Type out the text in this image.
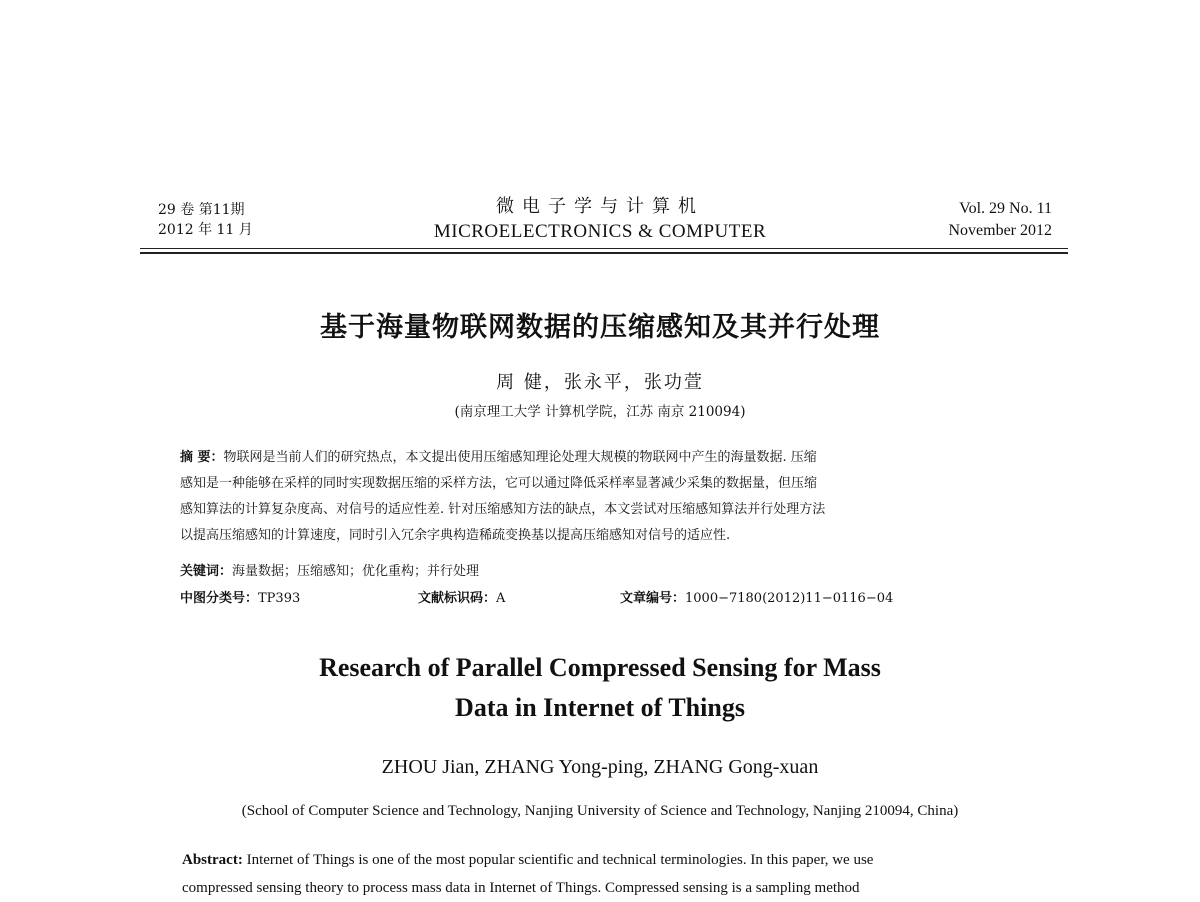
29 卷 第11期
2012 年 11 月
微电子学与计算机
MICROELECTRONICS & COMPUTER
Vol. 29 No. 11
November 2012
基于海量物联网数据的压缩感知及其并行处理
周 健，张永平，张功萱
(南京理工大学 计算机学院，江苏 南京 210094)
摘 要：物联网是当前人们的研究热点，本文提出使用压缩感知理论处理大规模的物联网中产生的海量数据. 压缩
感知是一种能够在采样的同时实现数据压缩的采样方法，它可以通过降低采样率显著减少采集的数据量，但压缩
感知算法的计算复杂度高、对信号的适应性差. 针对压缩感知方法的缺点，本文尝试对压缩感知算法并行处理方法
以提高压缩感知的计算速度，同时引入冗余字典构造稀疏变换基以提高压缩感知对信号的适应性.
关键词：海量数据；压缩感知；优化重构；并行处理
中图分类号：TP393	文献标识码：A	文章编号：1000−7180(2012)11−0116−04
Research of Parallel Compressed Sensing for Mass
Data in Internet of Things
ZHOU Jian, ZHANG Yong-ping, ZHANG Gong-xuan
(School of Computer Science and Technology, Nanjing University of Science and Technology, Nanjing 210094, China)
Abstract: Internet of Things is one of the most popular scientific and technical terminologies. In this paper, we use
compressed sensing theory to process mass data in Internet of Things. Compressed sensing is a sampling method
